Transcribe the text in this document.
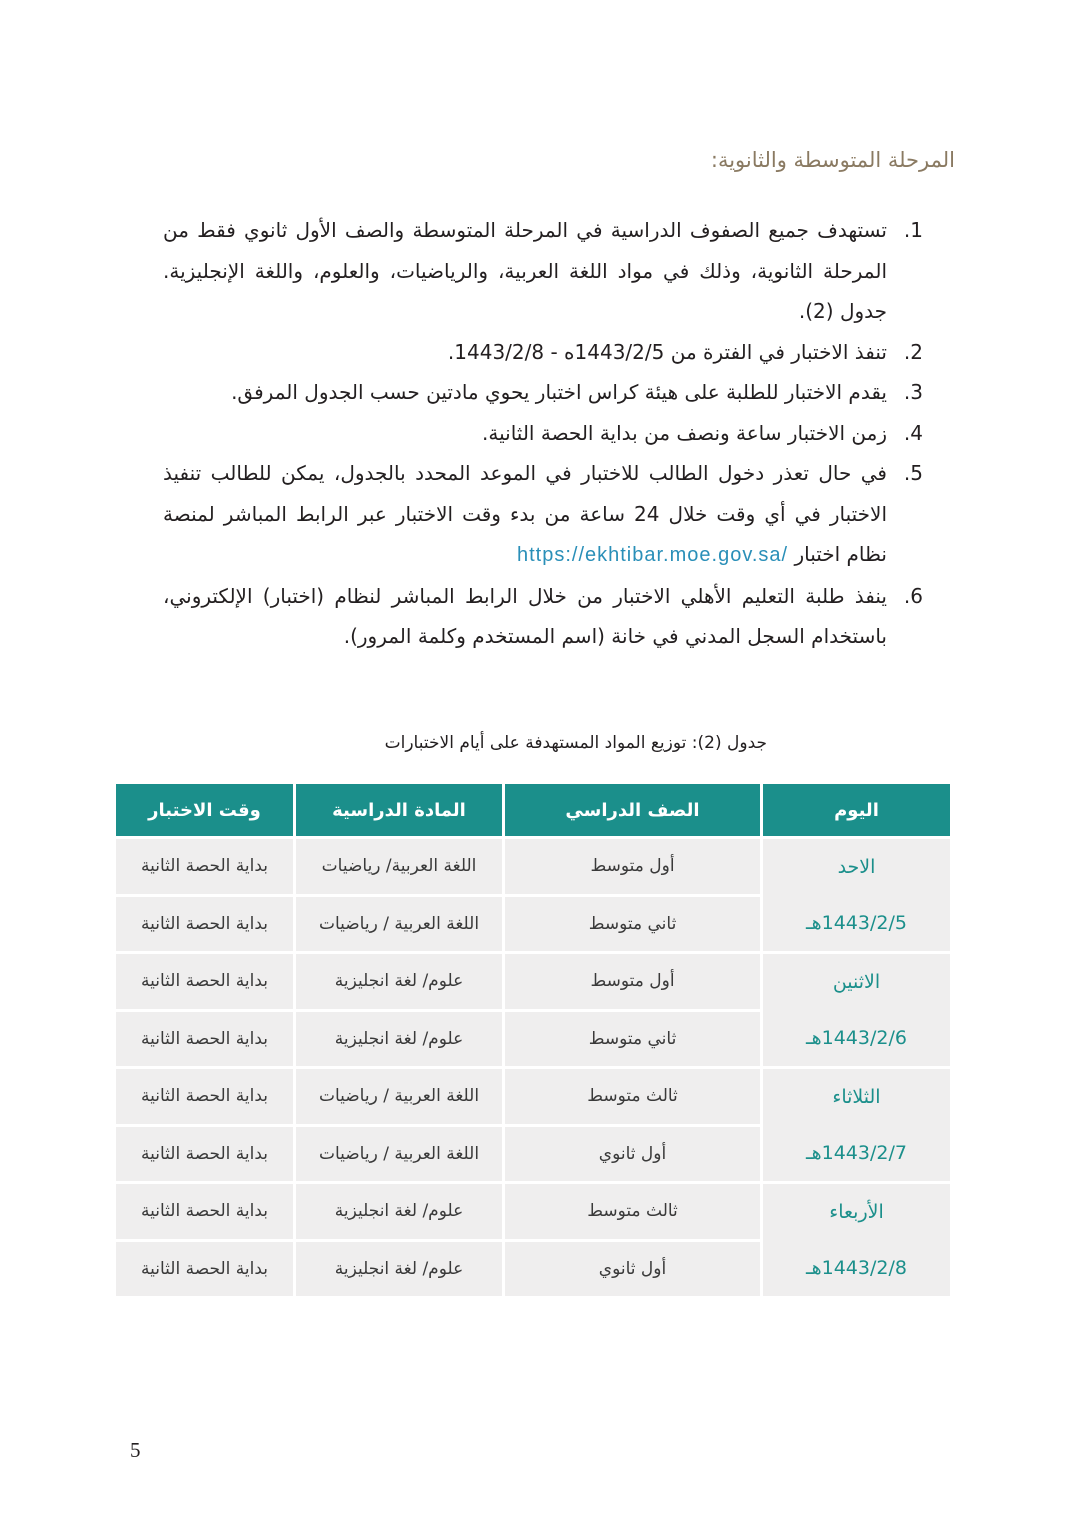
المرحلة المتوسطة والثانوية:
1.
تستهدف جميع الصفوف الدراسية في المرحلة المتوسطة والصف الأول ثانوي فقط من المرحلة الثانوية، وذلك في مواد اللغة العربية، والرياضيات، والعلوم، واللغة الإنجليزية. جدول (2).
2.
تنفذ الاختبار في الفترة من 1443/2/5ه - 1443/2/8.
3.
يقدم الاختبار للطلبة على هيئة كراس اختبار يحوي مادتين حسب الجدول المرفق.
4.
زمن الاختبار ساعة ونصف من بداية الحصة الثانية.
5.
في حال تعذر دخول الطالب للاختبار في الموعد المحدد بالجدول، يمكن للطالب تنفيذ الاختبار في أي وقت خلال 24 ساعة من بدء وقت الاختبار عبر الرابط المباشر لمنصة نظام اختبار https://ekhtibar.moe.gov.sa/
6.
ينفذ طلبة التعليم الأهلي الاختبار من خلال الرابط المباشر لنظام (اختبار) الإلكتروني، باستخدام السجل المدني في خانة (اسم المستخدم وكلمة المرور).
جدول (2): توزيع المواد المستهدفة على أيام الاختبارات
اليوم	الصف الدراسي	المادة الدراسية	وقت الاختبار

الاحد
1443/2/5هـ	أول متوسط	اللغة العربية/ رياضيات	بداية الحصة الثانية
	ثاني متوسط	اللغة العربية / رياضيات	بداية الحصة الثانية

الاثنين
1443/2/6هـ	أول متوسط	علوم/ لغة انجليزية	بداية الحصة الثانية
	ثاني متوسط	علوم/ لغة انجليزية	بداية الحصة الثانية

الثلاثاء
1443/2/7هـ	ثالث متوسط	اللغة العربية / رياضيات	بداية الحصة الثانية
	أول ثانوي	اللغة العربية / رياضيات	بداية الحصة الثانية

الأربعاء
1443/2/8هـ	ثالث متوسط	علوم/ لغة انجليزية	بداية الحصة الثانية
	أول ثانوي	علوم/ لغة انجليزية	بداية الحصة الثانية
5
